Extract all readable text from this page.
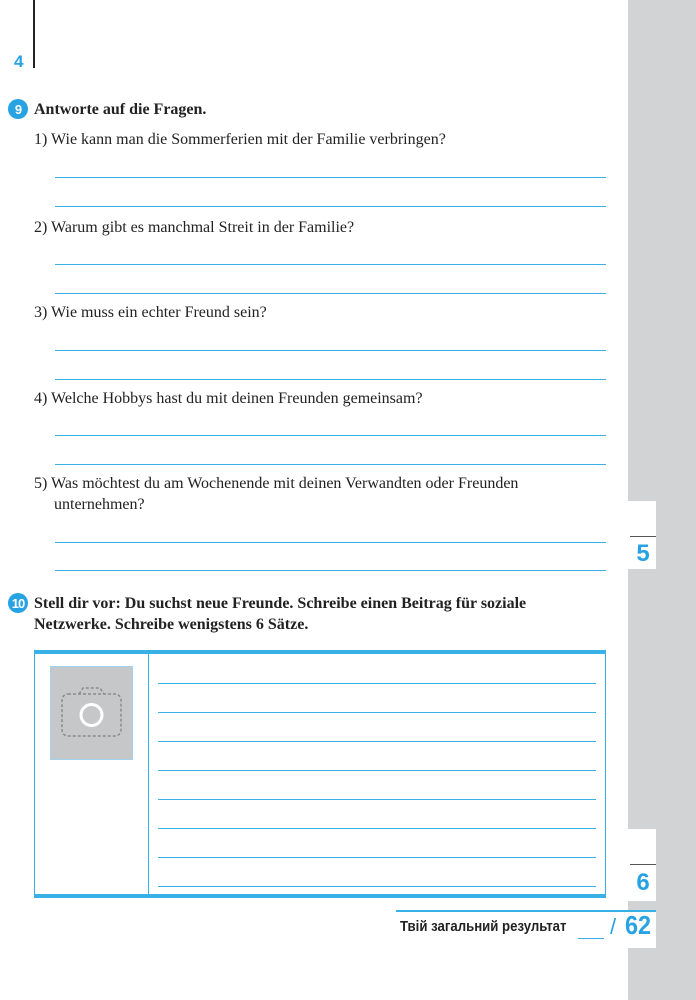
4
9 Antworte auf die Fragen.
1) Wie kann man die Sommerferien mit der Familie verbringen?
2) Warum gibt es manchmal Streit in der Familie?
3) Wie muss ein echter Freund sein?
4) Welche Hobbys hast du mit deinen Freunden gemeinsam?
5) Was möchtest du am Wochenende mit deinen Verwandten oder Freunden
unternehmen?
5
10 Stell dir vor: Du suchst neue Freunde. Schreibe einen Beitrag für soziale
Netzwerke. Schreibe wenigstens 6 Sätze.
6
Твій загальний результат / 62
